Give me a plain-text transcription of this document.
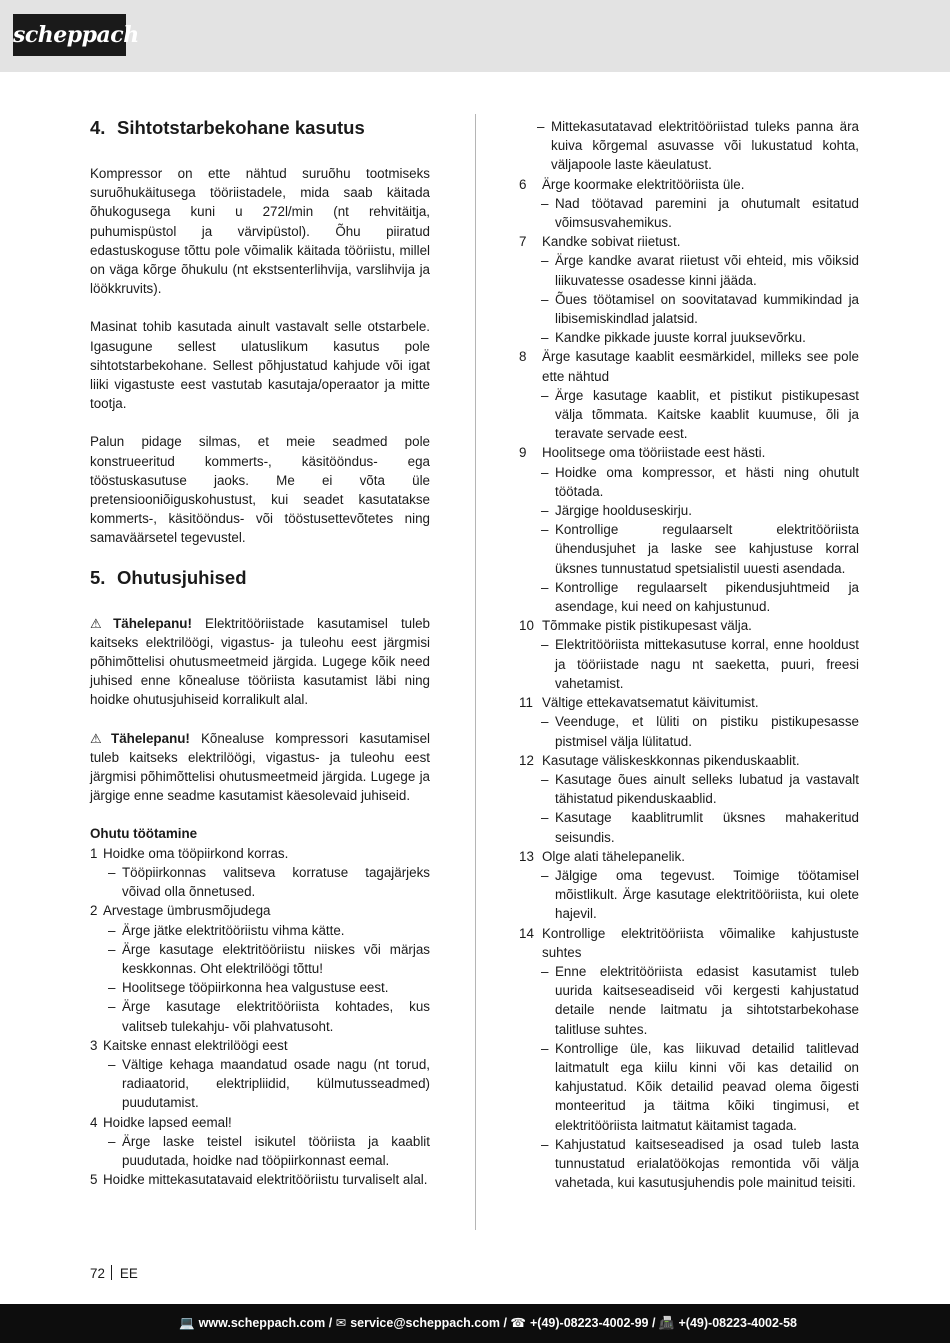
scheppach
4. Sihtotstarbekohane kasutus

Kompressor on ette nähtud suruõhu tootmiseks suruõhukäitusega tööriistadele, mida saab käitada õhukogusega kuni u 272l/min (nt rehvitäitja, puhumispüstol ja värvipüstol). Õhu piiratud edastuskoguse tõttu pole võimalik käitada tööriistu, millel on väga kõrge õhukulu (nt ekstsenterlihvija, varslihvija ja löökkruvits).

Masinat tohib kasutada ainult vastavalt selle otstarbele. Igasugune sellest ulatuslikum kasutus pole sihtotstarbekohane. Sellest põhjustatud kahjude või igat liiki vigastuste eest vastutab kasutaja/operaator ja mitte tootja.

Palun pidage silmas, et meie seadmed pole konstrueeritud kommerts-, käsitööndus- ega tööstuskasutuse jaoks. Me ei võta üle pretensiooniõiguskohustust, kui seadet kasutatakse kommerts-, käsitööndus- või tööstusettevõtetes ning samaväärsetel tegevustel.

5. Ohutusjuhised

⚠ Tähelepanu! Elektritööriistade kasutamisel tuleb kaitseks elektrilöögi, vigastus- ja tuleohu eest järgmisi põhimõttelisi ohutusmeetmeid järgida. Lugege kõik need juhised enne kõnealuse tööriista kasutamist läbi ning hoidke ohutusjuhiseid korralikult alal.

⚠ Tähelepanu! Kõnealuse kompressori kasutamisel tuleb kaitseks elektrilöögi, vigastus- ja tuleohu eest järgmisi põhimõttelisi ohutusmeetmeid järgida. Lugege ja järgige enne seadme kasutamist käesolevaid juhiseid.

Ohutu töötamine
1 Hoidke oma tööpiirkond korras.
– Tööpiirkonnas valitseva korratuse tagajärjeks võivad olla õnnetused.
2 Arvestage ümbrusmõjudega
– Ärge jätke elektritööriistu vihma kätte.
– Ärge kasutage elektritööriistu niiskes või märjas keskkonnas. Oht elektrilöögi tõttu!
– Hoolitsege tööpiirkonna hea valgustuse eest.
– Ärge kasutage elektritööriista kohtades, kus valitseb tulekahju- või plahvatusoht.
3 Kaitske ennast elektrilöögi eest
– Vältige kehaga maandatud osade nagu (nt torud, radiaatorid, elektripliidid, külmutusseadmed) puudutamist.
4 Hoidke lapsed eemal!
– Ärge laske teistel isikutel tööriista ja kaablit puudutada, hoidke nad tööpiirkonnast eemal.
5 Hoidke mittekasutatavaid elektritööriistu turvaliselt alal.
– Mittekasutatavad elektritööriistad tuleks panna ära kuiva kõrgemal asuvasse või lukustatud kohta, väljapoole laste käeulatust.
6	Ärge koormake elektritööriista üle.
– Nad töötavad paremini ja ohutumalt esitatud võimsusvahemikus.
7	Kandke sobivat riietust.
– Ärge kandke avarat riietust või ehteid, mis võiksid liikuvatesse osadesse kinni jääda.
– Õues töötamisel on soovitatavad kummikindad ja libisemiskindlad jalatsid.
– Kandke pikkade juuste korral juuksevõrku.
8	Ärge kasutage kaablit eesmärkidel, milleks see pole ette nähtud
– Ärge kasutage kaablit, et pistikut pistikupesast välja tõmmata. Kaitske kaablit kuumuse, õli ja teravate servade eest.
9	Hoolitsege oma tööriistade eest hästi.
– Hoidke oma kompressor, et hästi ning ohutult töötada.
– Järgige hoolduseskirju.
– Kontrollige regulaarselt elektritööriista ühendusjuhet ja laske see kahjustuse korral üksnes tunnustatud spetsialistil uuesti asendada.
– Kontrollige regulaarselt pikendusjuhtmeid ja asendage, kui need on kahjustunud.
10 Tõmmake pistik pistikupesast välja.
– Elektritööriista mittekasutuse korral, enne hooldust ja tööriistade nagu nt saeketta, puuri, freesi vahetamist.
11 Vältige ettekavatsematut käivitumist.
– Veenduge, et lüliti on pistiku pistikupesasse pistmisel välja lülitatud.
12 Kasutage väliskeskkonnas pikenduskaablit.
– Kasutage õues ainult selleks lubatud ja vastavalt tähistatud pikenduskaablid.
– Kasutage kaablitrumlit üksnes mahakeritud seisundis.
13 Olge alati tähelepanelik.
– Jälgige oma tegevust. Toimige töötamisel mõistlikult. Ärge kasutage elektritööriista, kui olete hajevil.
14 Kontrollige elektritööriista võimalike kahjustuste suhtes
– Enne elektritööriista edasist kasutamist tuleb uurida kaitseseadiseid või kergesti kahjustatud detaile nende laitmatu ja sihtotstarbekohase talitluse suhtes.
– Kontrollige üle, kas liikuvad detailid talitlevad laitmatult ega kiilu kinni või kas detailid on kahjustatud. Kõik detailid peavad olema õigesti monteeritud ja täitma kõiki tingimusi, et elektritööriista laitmatut käitamist tagada.
– Kahjustatud kaitseseadised ja osad tuleb lasta tunnustatud erialatöökojas remontida või välja vahetada, kui kasutusjuhendis pole mainitud teisiti.
72 EE
💻 www.scheppach.com / ✉ service@scheppach.com / ☎ +(49)-08223-4002-99 / 📠 +(49)-08223-4002-58
